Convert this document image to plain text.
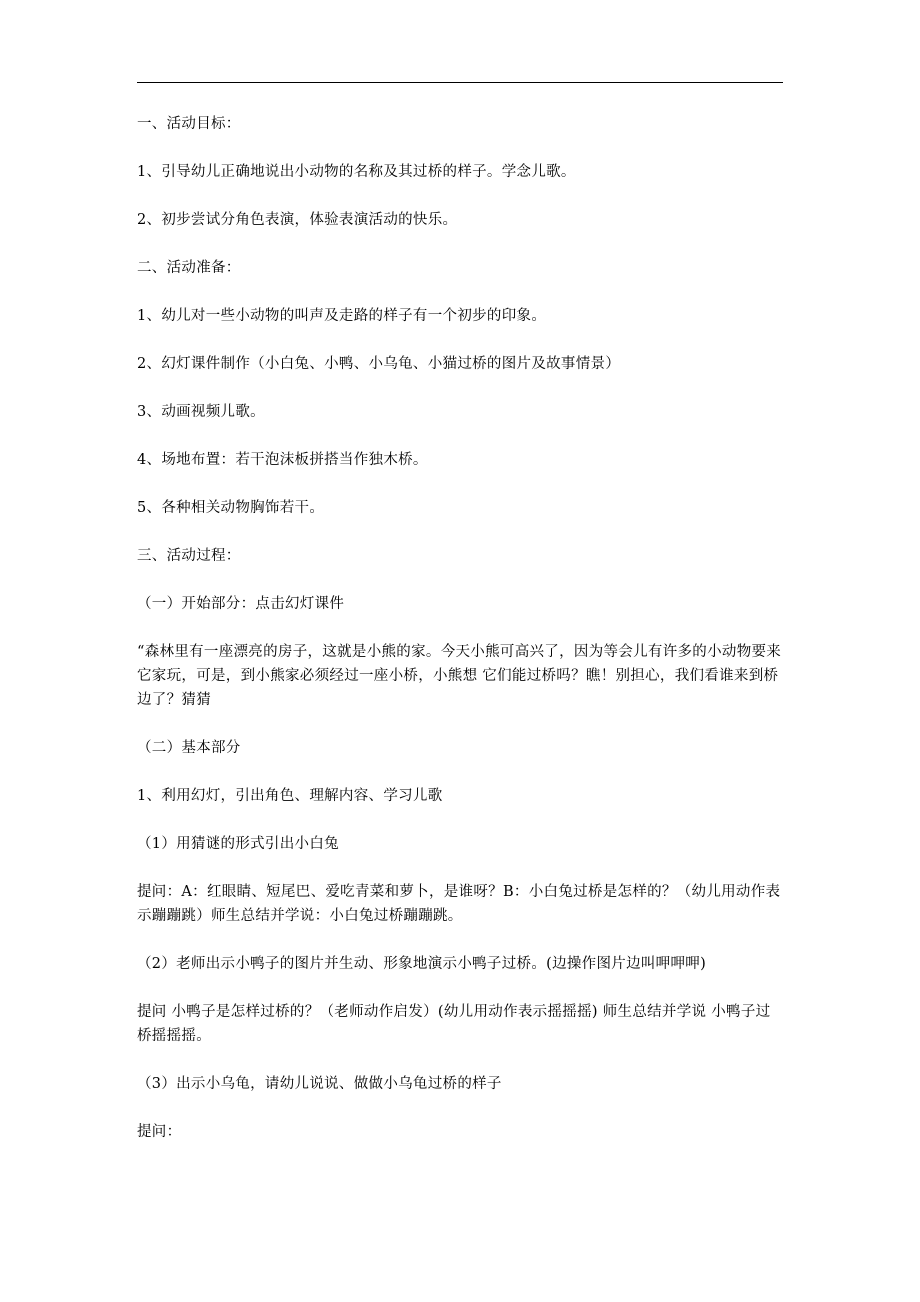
一、活动目标：

1、引导幼儿正确地说出小动物的名称及其过桥的样子。学念儿歌。

2、初步尝试分角色表演，体验表演活动的快乐。

二、活动准备：

1、幼儿对一些小动物的叫声及走路的样子有一个初步的印象。

2、幻灯课件制作（小白兔、小鸭、小乌龟、小猫过桥的图片及故事情景）

3、动画视频儿歌。

4、场地布置：若干泡沫板拼搭当作独木桥。

5、各种相关动物胸饰若干。

三、活动过程：

（一）开始部分：点击幻灯课件

“森林里有一座漂亮的房子，这就是小熊的家。今天小熊可高兴了，因为等会儿有许多的小动物要来它家玩，可是，到小熊家必须经过一座小桥，小熊想 它们能过桥吗？瞧！别担心，我们看谁来到桥边了？猜猜

（二）基本部分

1、利用幻灯，引出角色、理解内容、学习儿歌

（1）用猜谜的形式引出小白兔

提问：A：红眼睛、短尾巴、爱吃青菜和萝卜，是谁呀？B：小白兔过桥是怎样的？（幼儿用动作表示蹦蹦跳）师生总结并学说：小白兔过桥蹦蹦跳。

（2）老师出示小鸭子的图片并生动、形象地演示小鸭子过桥。(边操作图片边叫呷呷呷)

提问 小鸭子是怎样过桥的？（老师动作启发）(幼儿用动作表示摇摇摇) 师生总结并学说 小鸭子过桥摇摇摇。

（3）出示小乌龟，请幼儿说说、做做小乌龟过桥的样子

提问：
